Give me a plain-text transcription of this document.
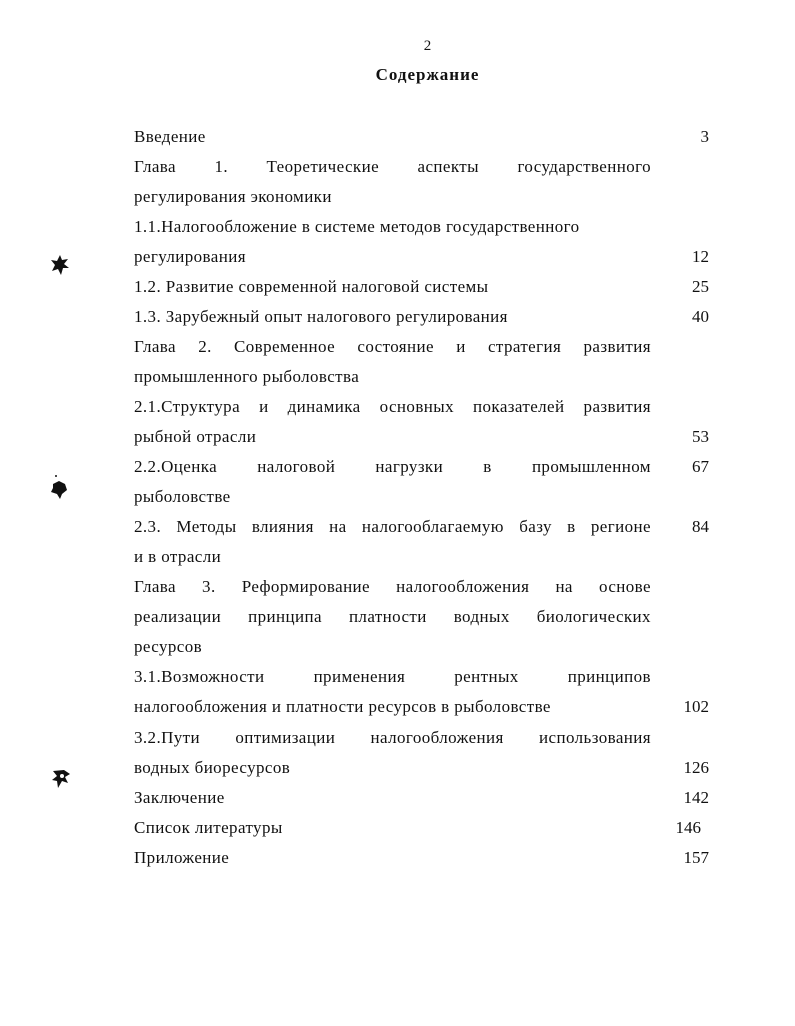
2
Содержание
Введение	3
Глава 1. Теоретические аспекты государственного
регулирования экономики
1.1.Налогообложение в системе методов государственного
регулирования	12
1.2. Развитие современной налоговой системы	25
1.3. Зарубежный опыт налогового регулирования	40
Глава 2. Современное состояние и стратегия развития
промышленного рыболовства
2.1.Структура и динамика основных показателей развития
рыбной отрасли	53
2.2.Оценка налоговой нагрузки в промышленном	67
рыболовстве
2.3. Методы влияния на налогооблагаемую базу в регионе	84
и в отрасли
Глава 3. Реформирование налогообложения на основе
реализации принципа платности водных биологических
ресурсов
3.1.Возможности	применения	рентных	принципов
налогообложения и платности ресурсов в рыболовстве	102
3.2.Пути оптимизации налогообложения использования
водных биоресурсов	126
Заключение	142
Список литературы	146
Приложение	157
